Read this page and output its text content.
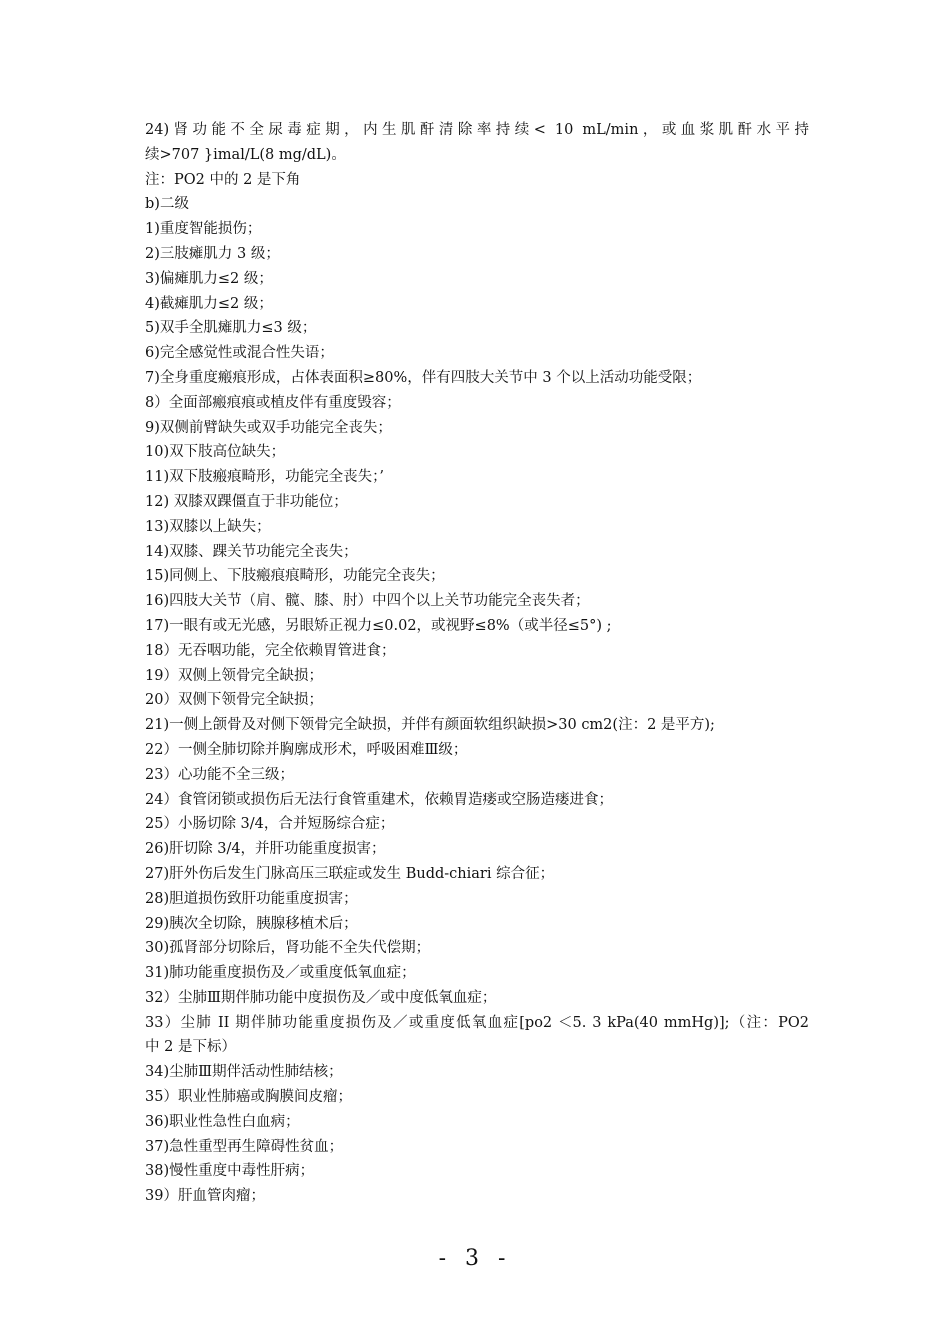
24)肾功能不全尿毒症期，内生肌酐清除率持续< 10 mL/min，或血浆肌酐水平持
续>707 }imal/L(8 mg/dL)。
注：PO2 中的 2 是下角
b)二级
1)重度智能损伤；
2)三肢瘫肌力 3 级；
3)偏瘫肌力≤2 级；
4)截瘫肌力≤2 级；
5)双手全肌瘫肌力≤3 级；
6)完全感觉性或混合性失语；
7)全身重度瘢痕形成，占体表面积≥80%，伴有四肢大关节中 3 个以上活动功能受限；
8）全面部瘢痕痕或植皮伴有重度毁容；
9)双侧前臂缺失或双手功能完全丧失；
10)双下肢高位缺失；
11)双下肢瘢痕畸形，功能完全丧失；’
12) 双膝双踝僵直于非功能位；
13)双膝以上缺失；
14)双膝、踝关节功能完全丧失；
15)同侧上、下肢瘢痕痕畸形，功能完全丧失；
16)四肢大关节（肩、髋、膝、肘）中四个以上关节功能完全丧失者；
17)一眼有或无光感，另眼矫正视力≤0.02，或视野≤8%（或半径≤5°) ;
18）无吞咽功能，完全依赖胃管进食；
19）双侧上领骨完全缺损；
20）双侧下领骨完全缺损；
21)一侧上颌骨及对侧下领骨完全缺损，并伴有颜面软组织缺损>30 cm2(注：2 是平方);
22）一侧全肺切除并胸廓成形术，呼吸困难Ⅲ级；
23）心功能不全三级；
24）食管闭锁或损伤后无法行食管重建术，依赖胃造瘘或空肠造瘘进食；
25）小肠切除 3/4，合并短肠综合症；
26)肝切除 3/4，并肝功能重度损害；
27)肝外伤后发生门脉高压三联症或发生 Budd-chiari 综合征；
28)胆道损伤致肝功能重度损害；
29)胰次全切除，胰腺移植术后；
30)孤肾部分切除后，肾功能不全失代偿期；
31)肺功能重度损伤及／或重度低氧血症；
32）尘肺Ⅲ期伴肺功能中度损伤及／或中度低氧血症；
33）尘肺 II 期伴肺功能重度损伤及／或重度低氧血症[po2 ＜5. 3 kPa(40 mmHg)];（注：PO2
中 2 是下标）
34)尘肺Ⅲ期伴活动性肺结核；
35）职业性肺癌或胸膜间皮瘤；
36)职业性急性白血病；
37)急性重型再生障碍性贫血；
38)慢性重度中毒性肝病；
39）肝血管肉瘤；
- 3 -
